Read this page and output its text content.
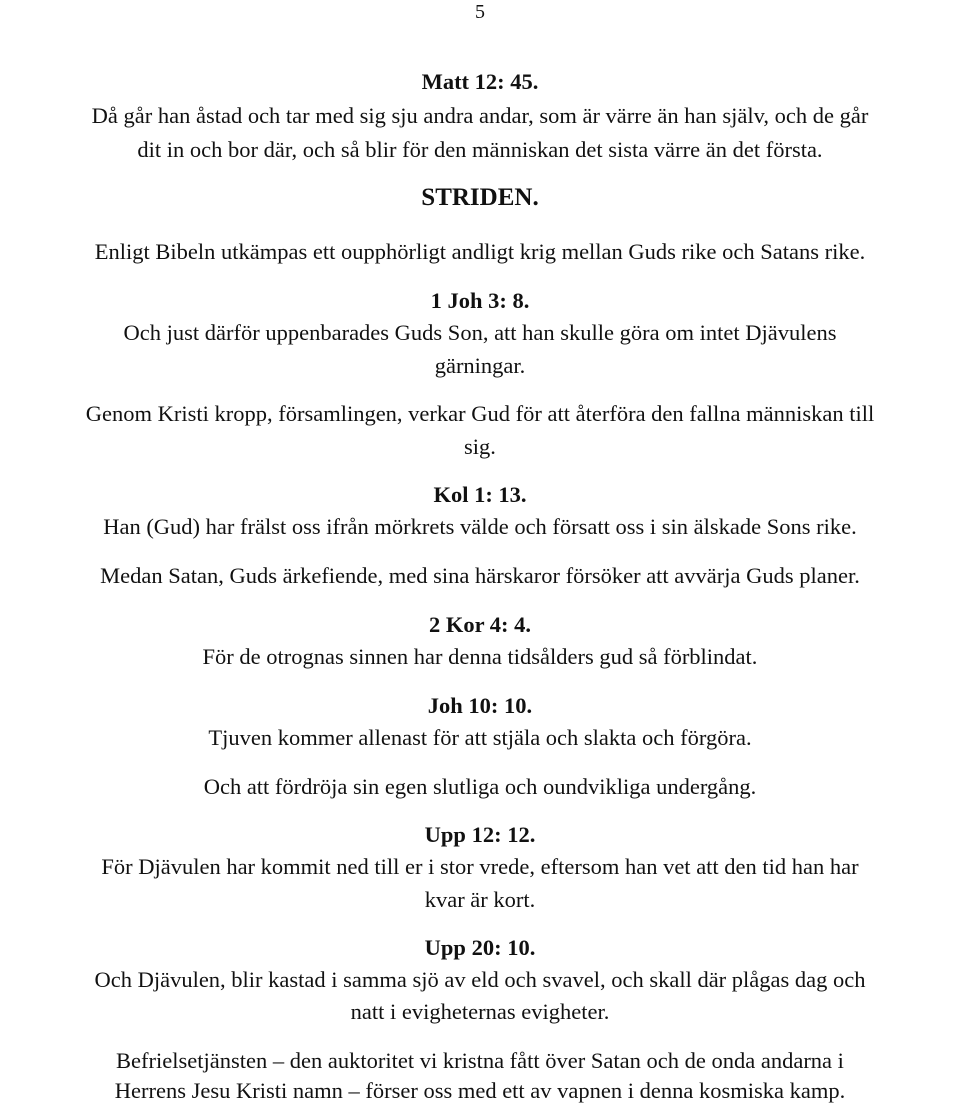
5
Matt 12: 45.
Då går han åstad och tar med sig sju andra andar, som är värre än han själv, och de går
dit in och bor där, och så blir för den människan det sista värre än det första.
STRIDEN.
Enligt Bibeln utkämpas ett oupphörligt andligt krig mellan Guds rike och Satans rike.
1 Joh 3: 8.
Och just därför uppenbarades Guds Son, att han skulle göra om intet Djävulens
gärningar.
Genom Kristi kropp, församlingen, verkar Gud för att återföra den fallna människan till
sig.
Kol 1: 13.
Han (Gud) har frälst oss ifrån mörkrets välde och försatt oss i sin älskade Sons rike.
Medan Satan, Guds ärkefiende, med sina härskaror försöker att avvärja Guds planer.
2 Kor 4: 4.
För de otrognas sinnen har denna tidsålders gud så förblindat.
Joh 10: 10.
Tjuven kommer allenast för att stjäla och slakta och förgöra.
Och att fördröja sin egen slutliga och oundvikliga undergång.
Upp 12: 12.
För Djävulen har kommit ned till er i stor vrede, eftersom han vet att den tid han har
kvar är kort.
Upp 20: 10.
Och Djävulen, blir kastad i samma sjö av eld och svavel, och skall där plågas dag och
natt i evigheternas evigheter.
Befrielsetjänsten – den auktoritet vi kristna fått över Satan och de onda andarna i
Herrens Jesu Kristi namn – förser oss med ett av vapnen i denna kosmiska kamp.
